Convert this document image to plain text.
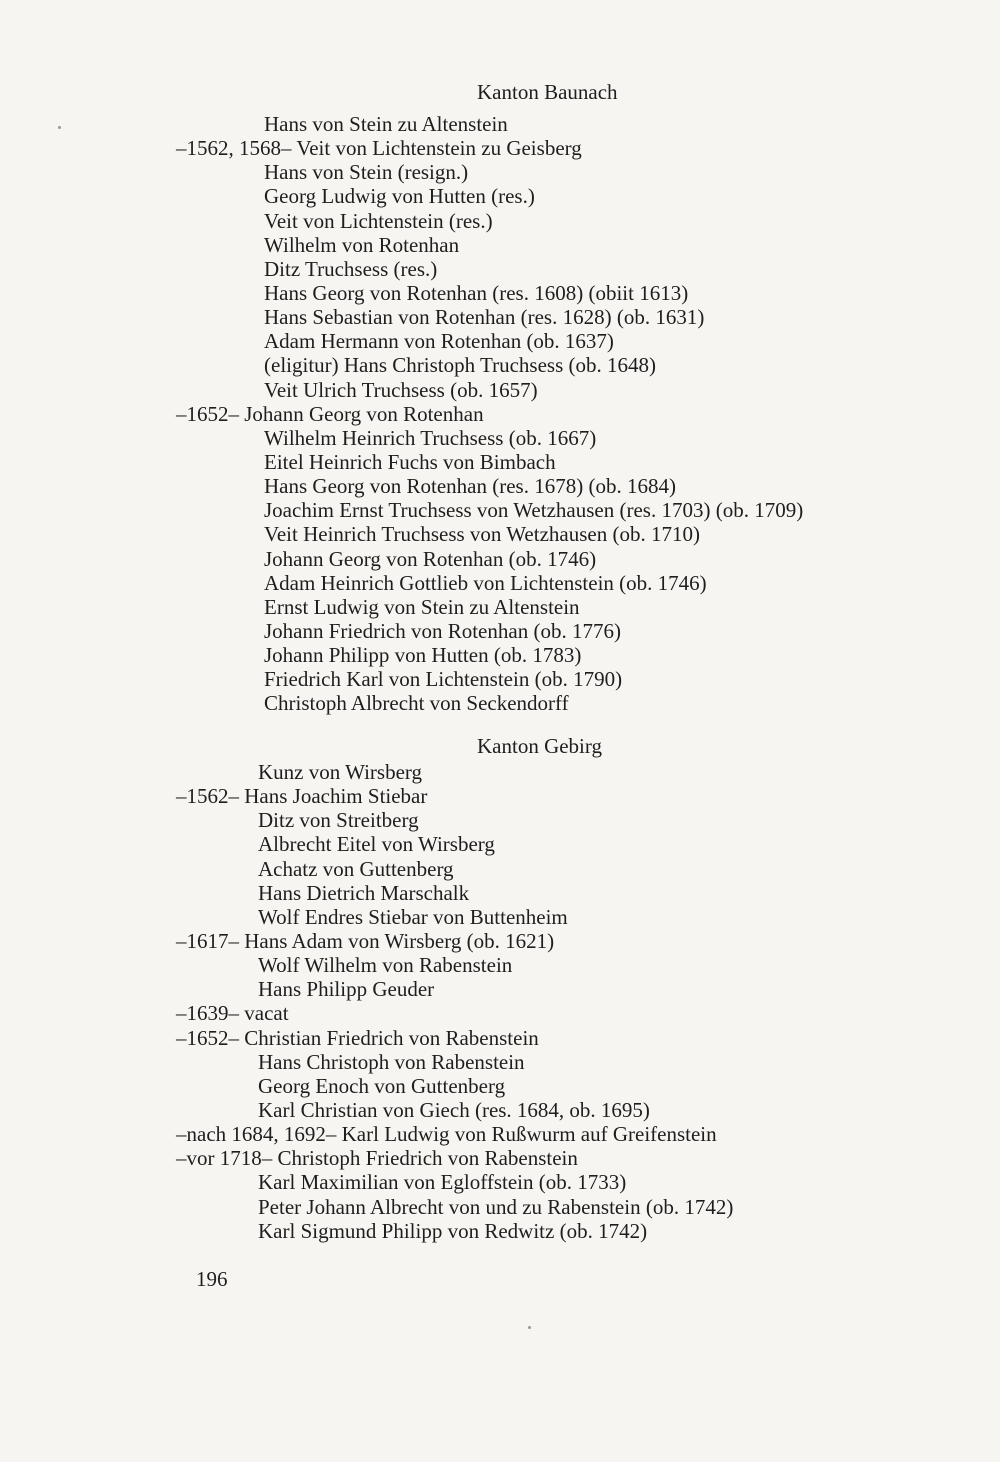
Kanton Baunach
Hans von Stein zu Altenstein
–1562, 1568– Veit von Lichtenstein zu Geisberg
Hans von Stein (resign.)
Georg Ludwig von Hutten (res.)
Veit von Lichtenstein (res.)
Wilhelm von Rotenhan
Ditz Truchsess (res.)
Hans Georg von Rotenhan (res. 1608) (obiit 1613)
Hans Sebastian von Rotenhan (res. 1628) (ob. 1631)
Adam Hermann von Rotenhan (ob. 1637)
(eligitur) Hans Christoph Truchsess (ob. 1648)
Veit Ulrich Truchsess (ob. 1657)
–1652– Johann Georg von Rotenhan
Wilhelm Heinrich Truchsess (ob. 1667)
Eitel Heinrich Fuchs von Bimbach
Hans Georg von Rotenhan (res. 1678) (ob. 1684)
Joachim Ernst Truchsess von Wetzhausen (res. 1703) (ob. 1709)
Veit Heinrich Truchsess von Wetzhausen (ob. 1710)
Johann Georg von Rotenhan (ob. 1746)
Adam Heinrich Gottlieb von Lichtenstein (ob. 1746)
Ernst Ludwig von Stein zu Altenstein
Johann Friedrich von Rotenhan (ob. 1776)
Johann Philipp von Hutten (ob. 1783)
Friedrich Karl von Lichtenstein (ob. 1790)
Christoph Albrecht von Seckendorff
Kanton Gebirg
Kunz von Wirsberg
–1562– Hans Joachim Stiebar
Ditz von Streitberg
Albrecht Eitel von Wirsberg
Achatz von Guttenberg
Hans Dietrich Marschalk
Wolf Endres Stiebar von Buttenheim
–1617– Hans Adam von Wirsberg (ob. 1621)
Wolf Wilhelm von Rabenstein
Hans Philipp Geuder
–1639– vacat
–1652– Christian Friedrich von Rabenstein
Hans Christoph von Rabenstein
Georg Enoch von Guttenberg
Karl Christian von Giech (res. 1684, ob. 1695)
–nach 1684, 1692– Karl Ludwig von Rußwurm auf Greifenstein
–vor 1718– Christoph Friedrich von Rabenstein
Karl Maximilian von Egloffstein (ob. 1733)
Peter Johann Albrecht von und zu Rabenstein (ob. 1742)
Karl Sigmund Philipp von Redwitz (ob. 1742)
196
